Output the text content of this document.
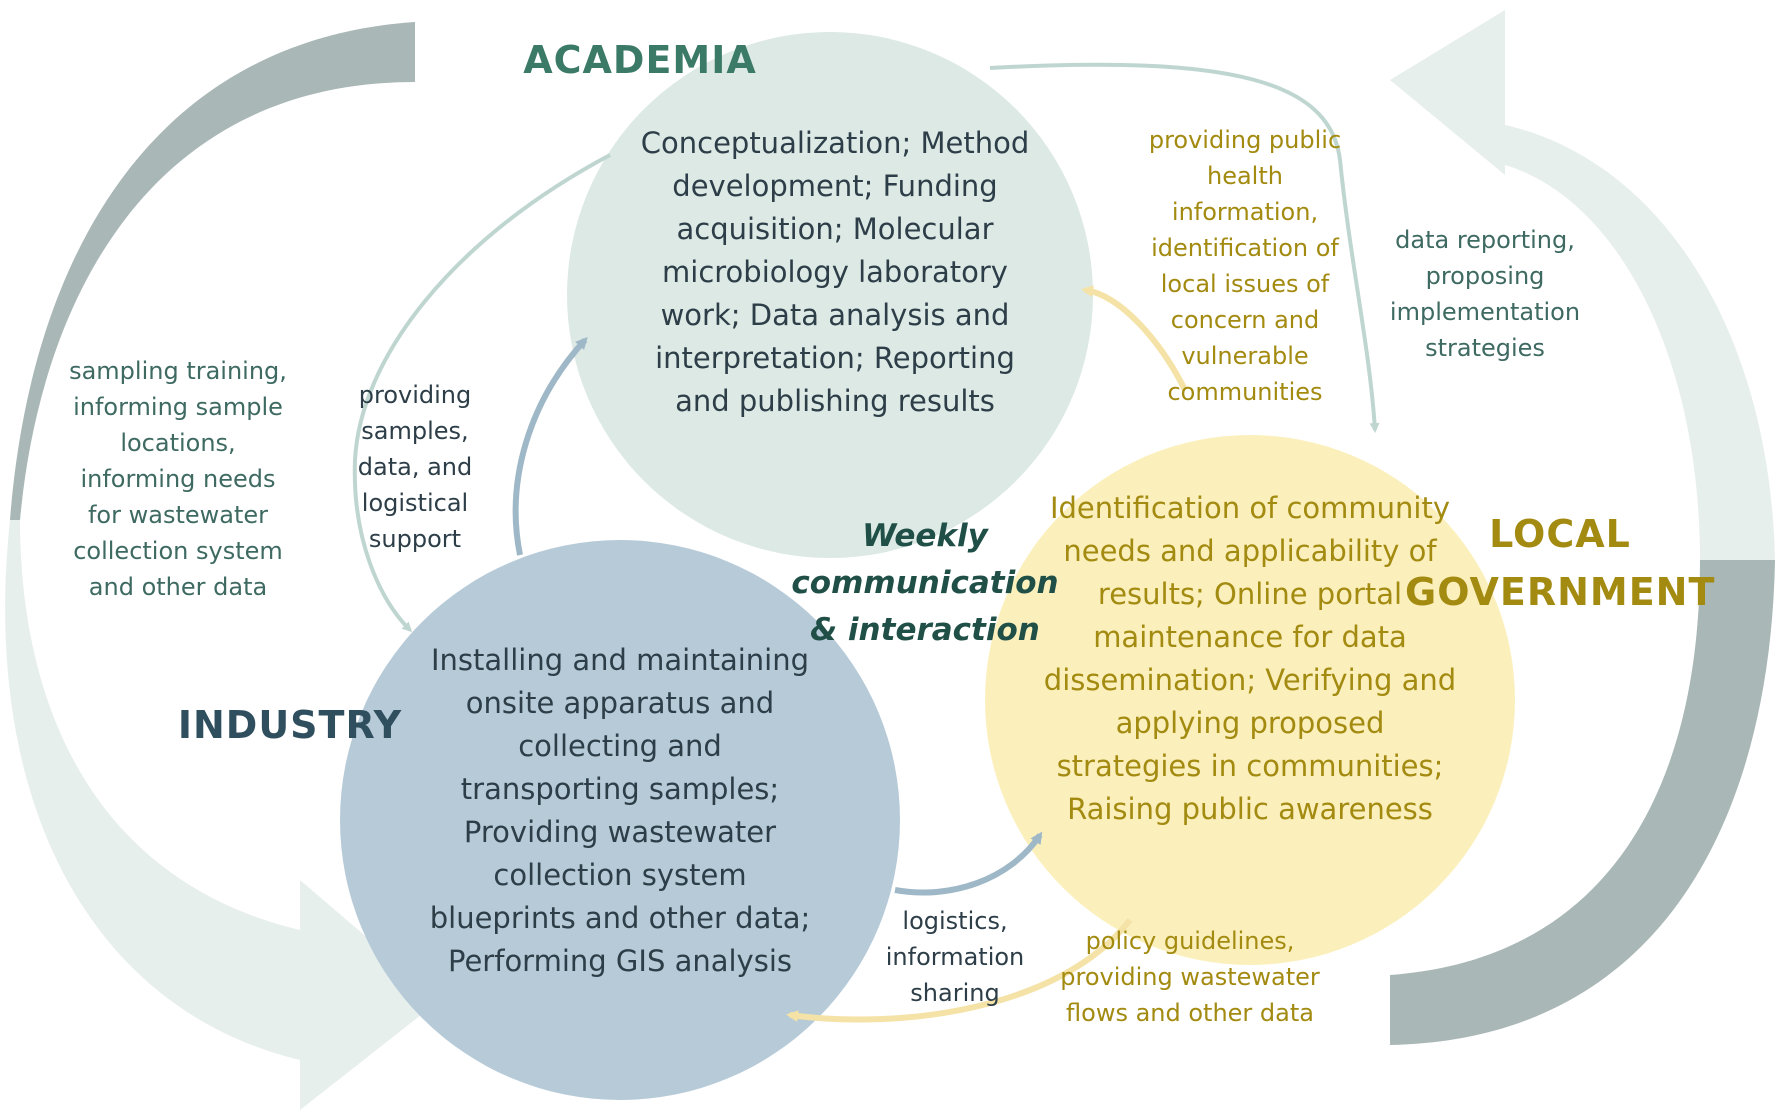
ACADEMIA
INDUSTRY
LOCAL
GOVERNMENT
Conceptualization; Method
development; Funding
acquisition; Molecular
microbiology laboratory
work; Data analysis and
interpretation; Reporting
and publishing results
Installing and maintaining
onsite apparatus and
collecting and
transporting samples;
Providing wastewater
collection system
blueprints and other data;
Performing GIS analysis
Identification of community
needs and applicability of
results; Online portal
maintenance for data
dissemination; Verifying and
applying proposed
strategies in communities;
Raising public awareness
Weekly
communication
& interaction
sampling training,
informing sample
locations,
informing needs
for wastewater
collection system
and other data
providing
samples,
data, and
logistical
support
providing public
health
information,
identification of
local issues of
concern and
vulnerable
communities
data reporting,
proposing
implementation
strategies
logistics,
information
sharing
policy guidelines,
providing wastewater
flows and other data
